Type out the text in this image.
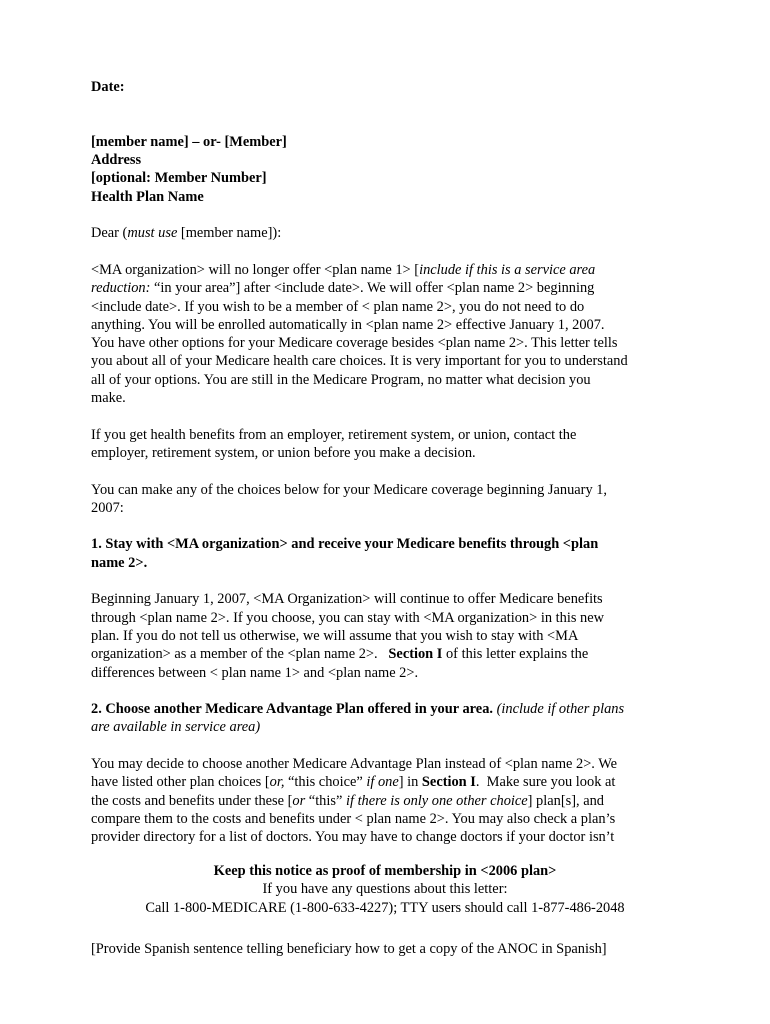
Date:

[member name] – or- [Member]

Address

[optional: Member Number]

Health Plan Name

Dear (must use [member name]):

<MA organization> will no longer offer <plan name 1> [include if this is a service area

reduction: “in your area”] after <include date>. We will offer <plan name 2> beginning

<include date>. If you wish to be a member of < plan name 2>, you do not need to do

anything. You will be enrolled automatically in <plan name 2> effective January 1, 2007.

You have other options for your Medicare coverage besides <plan name 2>. This letter tells

you about all of your Medicare health care choices. It is very important for you to understand

all of your options. You are still in the Medicare Program, no matter what decision you

make.

If you get health benefits from an employer, retirement system, or union, contact the

employer, retirement system, or union before you make a decision.

You can make any of the choices below for your Medicare coverage beginning January 1,

2007:

1. Stay with <MA organization> and receive your Medicare benefits through <plan

name 2>.

Beginning January 1, 2007, <MA Organization> will continue to offer Medicare benefits

through <plan name 2>. If you choose, you can stay with <MA organization> in this new

plan. If you do not tell us otherwise, we will assume that you wish to stay with <MA

organization> as a member of the <plan name 2>.   Section I of this letter explains the

differences between < plan name 1> and <plan name 2>.

2. Choose another Medicare Advantage Plan offered in your area. (include if other plans

are available in service area)

You may decide to choose another Medicare Advantage Plan instead of <plan name 2>. We

have listed other plan choices [or, “this choice” if one] in Section I.  Make sure you look at

the costs and benefits under these [or “this” if there is only one other choice] plan[s], and

compare them to the costs and benefits under < plan name 2>. You may also check a plan’s

provider directory for a list of doctors. You may have to change doctors if your doctor isn’t

Keep this notice as proof of membership in <2006 plan>

If you have any questions about this letter:

Call 1-800-MEDICARE (1-800-633-4227); TTY users should call 1-877-486-2048

[Provide Spanish sentence telling beneficiary how to get a copy of the ANOC in Spanish]
